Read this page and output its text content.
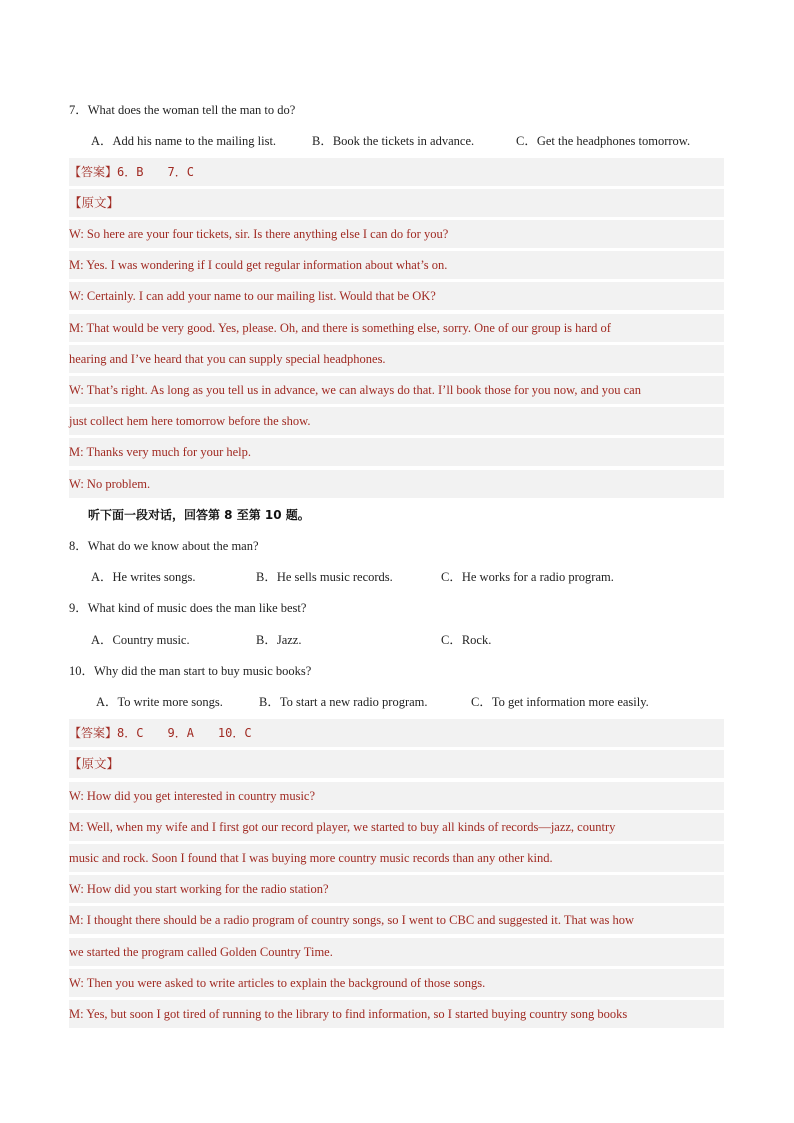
7．What does the woman tell the man to do?
A．Add his name to the mailing list.	B．Book the tickets in advance.	C．Get the headphones tomorrow.
【答案】6．B　　7．C
【原文】
W: So here are your four tickets, sir. Is there anything else I can do for you?
M: Yes. I was wondering if I could get regular information about what’s on.
W: Certainly. I can add your name to our mailing list. Would that be OK?
M: That would be very good. Yes, please. Oh, and there is something else, sorry. One of our group is hard of
hearing and I’ve heard that you can supply special headphones.
W: That’s right. As long as you tell us in advance, we can always do that. I’ll book those for you now, and you can
just collect hem here tomorrow before the show.
M: Thanks very much for your help.
W: No problem.
听下面一段对话，回答第 8 至第 10 题。
8．What do we know about the man?
A．He writes songs.	B．He sells music records.	C．He works for a radio program.
9．What kind of music does the man like best?
A．Country music.	B．Jazz.	C．Rock.
10．Why did the man start to buy music books?
A．To write more songs.	B．To start a new radio program.	C．To get information more easily.
【答案】8．C　　9．A　　10．C
【原文】
W: How did you get interested in country music?
M: Well, when my wife and I first got our record player, we started to buy all kinds of records—jazz, country
music and rock. Soon I found that I was buying more country music records than any other kind.
W: How did you start working for the radio station?
M: I thought there should be a radio program of country songs, so I went to CBC and suggested it. That was how
we started the program called Golden Country Time.
W: Then you were asked to write articles to explain the background of those songs.
M: Yes, but soon I got tired of running to the library to find information, so I started buying country song books
